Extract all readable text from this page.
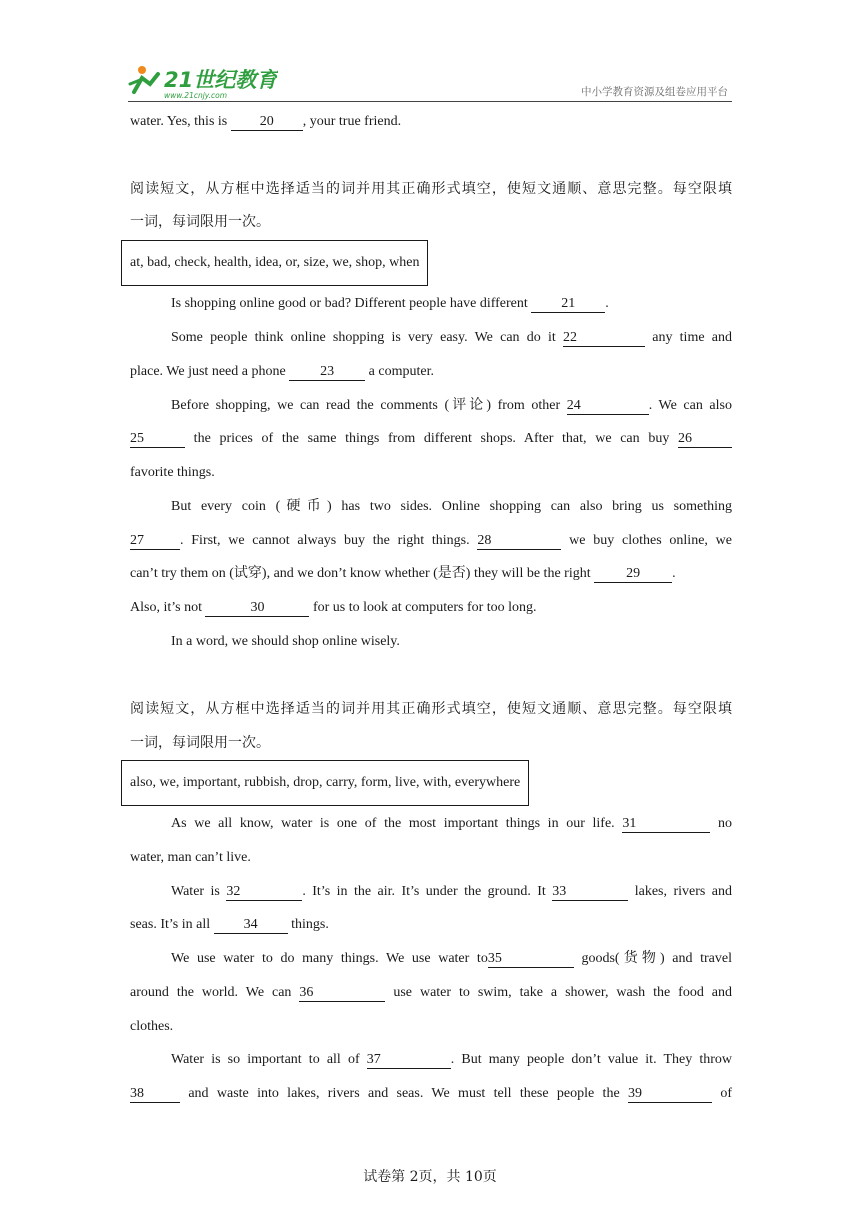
21世纪教育
www.21cnjy.com	中小学教育资源及组卷应用平台
water. Yes, this is 20 , your true friend.
阅读短文，从方框中选择适当的词并用其正确形式填空，使短文通顺、意思完整。每空限填
一词，每词限用一次。
at, bad, check, health, idea, or, size, we, shop, when
Is shopping online good or bad? Different people have different 21 .
Some people think online shopping is very easy. We can do it 22	any time and
place. We just need a phone 23 a computer.
Before shopping, we can read the comments (评论) from other 24	. We can also
25	the prices of the same things from different shops. After that, we can buy 26
favorite things.
But every coin (硬币) has two sides. Online shopping can also bring us something
27	. First, we cannot always buy the right things. 28	we buy clothes online, we
can’t try them on (试穿), and we don’t know whether (是否) they will be the right 29 .
Also, it’s not	30	for us to look at computers for too long.
In a word, we should shop online wisely.
阅读短文，从方框中选择适当的词并用其正确形式填空，使短文通顺、意思完整。每空限填
一词，每词限用一次。
also, we, important, rubbish, drop, carry, form, live, with, everywhere
As we all know, water is one of the most important things in our life. 31	no
water, man can’t live.
Water is 32	. It’s in the air. It’s under the ground. It 33	lakes, rivers and
seas. It’s in all 34 things.
We use water to do many things. We use water to35	goods(货物) and travel
around the world. We can 36	use water to swim, take a shower, wash the food and
clothes.
Water is so important to all of 37	. But many people don’t value it. They throw
38	and waste into lakes, rivers and seas. We must tell these people the 39	of
试卷第 2页，共 10页
